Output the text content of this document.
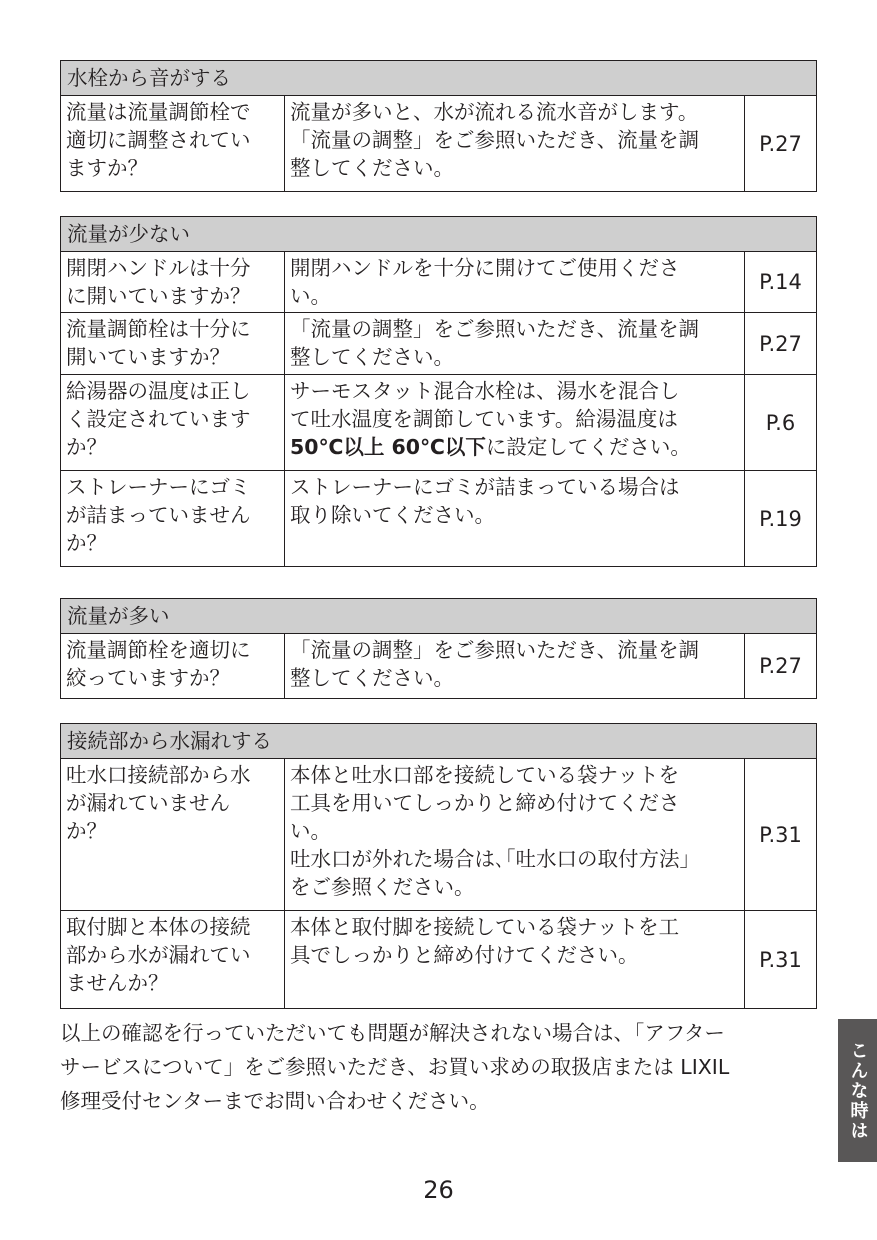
水栓から音がする
流量は流量調節栓で
適切に調整されてい
ますか？	流量が多いと、水が流れる流水音がします。
「流量の調整」をご参照いただき、流量を調
整してください。	P.27
流量が少ない		
開閉ハンドルは十分
に開いていますか？	開閉ハンドルを十分に開けてご使用くださ
い。	P.14
流量調節栓は十分に
開いていますか？	「流量の調整」をご参照いただき、流量を調
整してください。	P.27
給湯器の温度は正し
く設定されています
か？	サーモスタット混合水栓は、湯水を混合し
て吐水温度を調節しています。給湯温度は
50℃以上 60℃以下に設定してください。	P.6
ストレーナーにゴミ
が詰まっていません
か？	ストレーナーにゴミが詰まっている場合は
取り除いてください。	P.19
流量が多い
流量調節栓を適切に
絞っていますか？	「流量の調整」をご参照いただき、流量を調
整してください。	P.27
接続部から水漏れする		
吐水口接続部から水
が漏れていません
か？	本体と吐水口部を接続している袋ナットを
工具を用いてしっかりと締め付けてくださ
い。
吐水口が外れた場合は､｢吐水口の取付方法｣
をご参照ください。	P.31
取付脚と本体の接続
部から水が漏れてい
ませんか？	本体と取付脚を接続している袋ナットを工
具でしっかりと締め付けてください。	P.31

以上の確認を行っていただいても問題が解決されない場合は、「アフター
サービスについて」をご参照いただき、お買い求めの取扱店または LIXIL
修理受付センターまでお問い合わせください。	こんな時は
26
